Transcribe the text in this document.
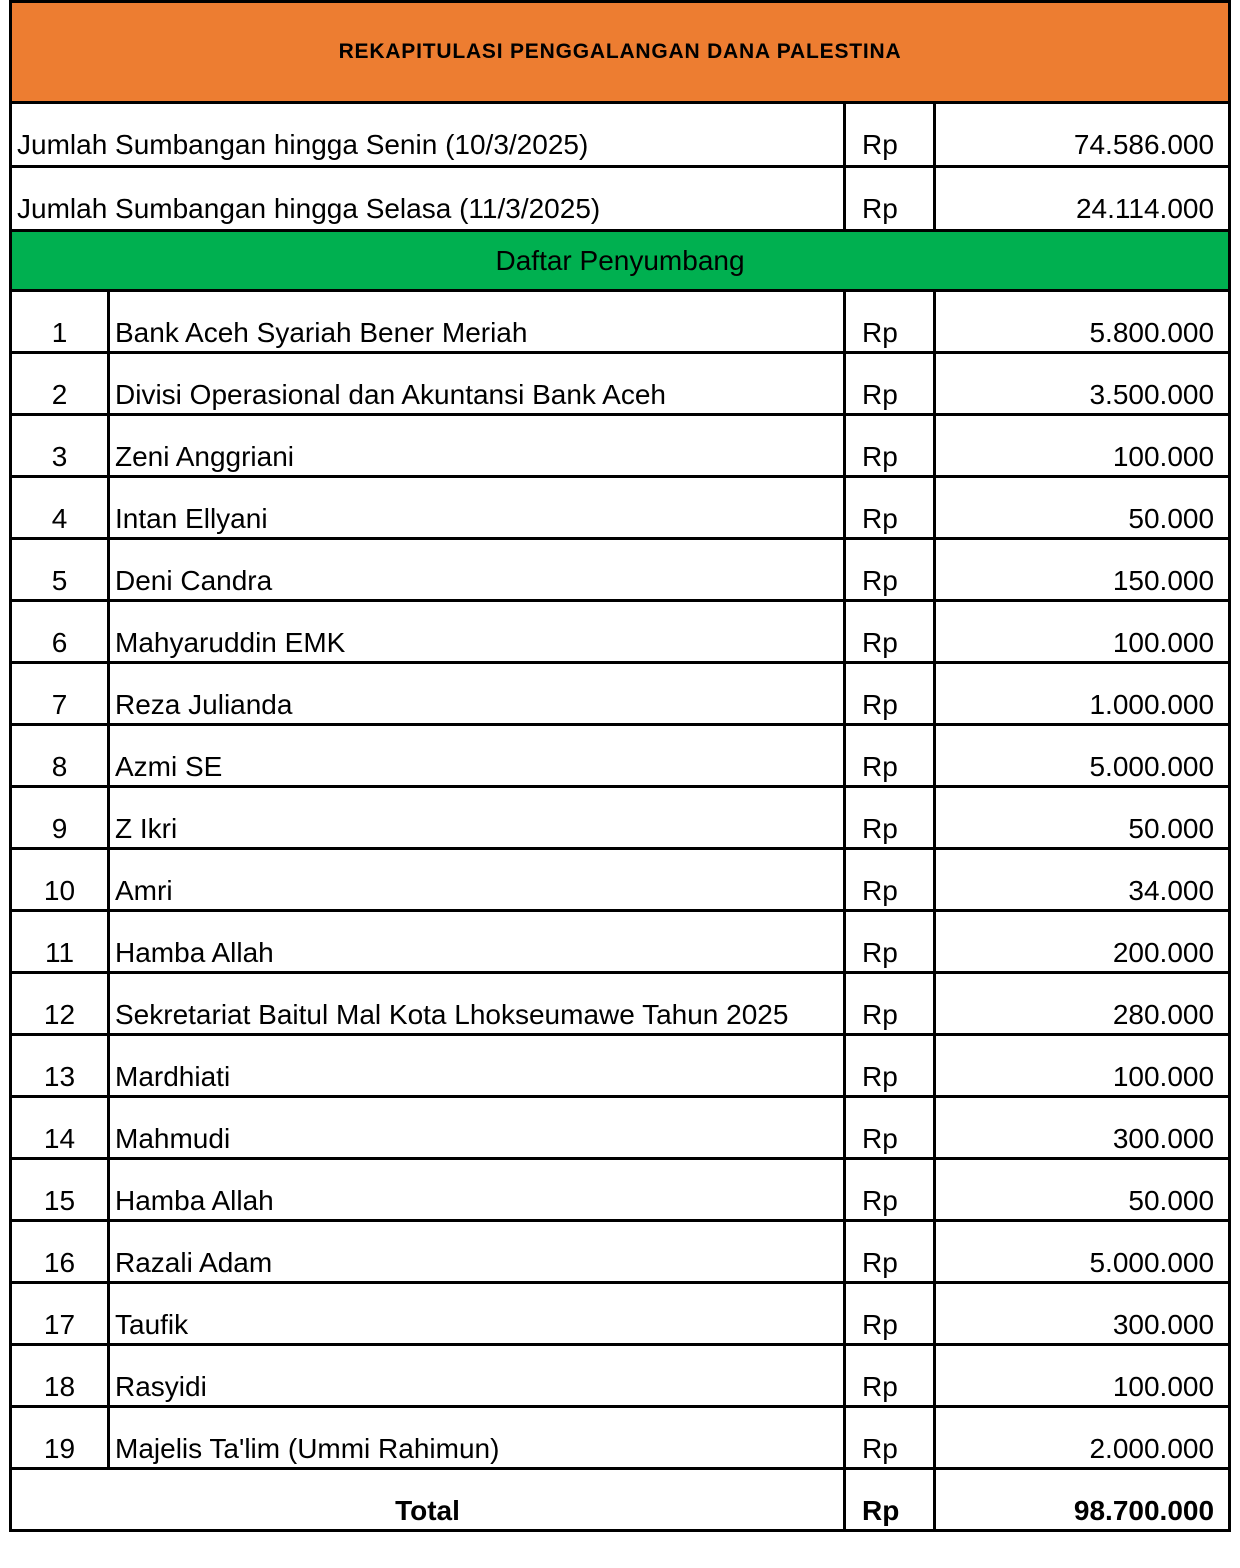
REKAPITULASI PENGGALANGAN DANA PALESTINA			
Jumlah Sumbangan hingga Senin (10/3/2025)		Rp	74.586.000
Jumlah Sumbangan hingga Selasa (11/3/2025)		Rp	24.114.000
Daftar Penyumbang			
1	Bank Aceh Syariah Bener Meriah	Rp	5.800.000
2	Divisi Operasional dan Akuntansi Bank Aceh	Rp	3.500.000
3	Zeni Anggriani	Rp	100.000
4	Intan Ellyani	Rp	50.000
5	Deni Candra	Rp	150.000
6	Mahyaruddin EMK	Rp	100.000
7	Reza Julianda	Rp	1.000.000
8	Azmi SE	Rp	5.000.000
9	Z Ikri	Rp	50.000
10	Amri	Rp	34.000
11	Hamba Allah	Rp	200.000
12	Sekretariat Baitul Mal Kota Lhokseumawe Tahun 2025	Rp	280.000
13	Mardhiati	Rp	100.000
14	Mahmudi	Rp	300.000
15	Hamba Allah	Rp	50.000
16	Razali Adam	Rp	5.000.000
17	Taufik	Rp	300.000
18	Rasyidi	Rp	100.000
19	Majelis Ta'lim (Ummi Rahimun)	Rp	2.000.000
Total		Rp	98.700.000
